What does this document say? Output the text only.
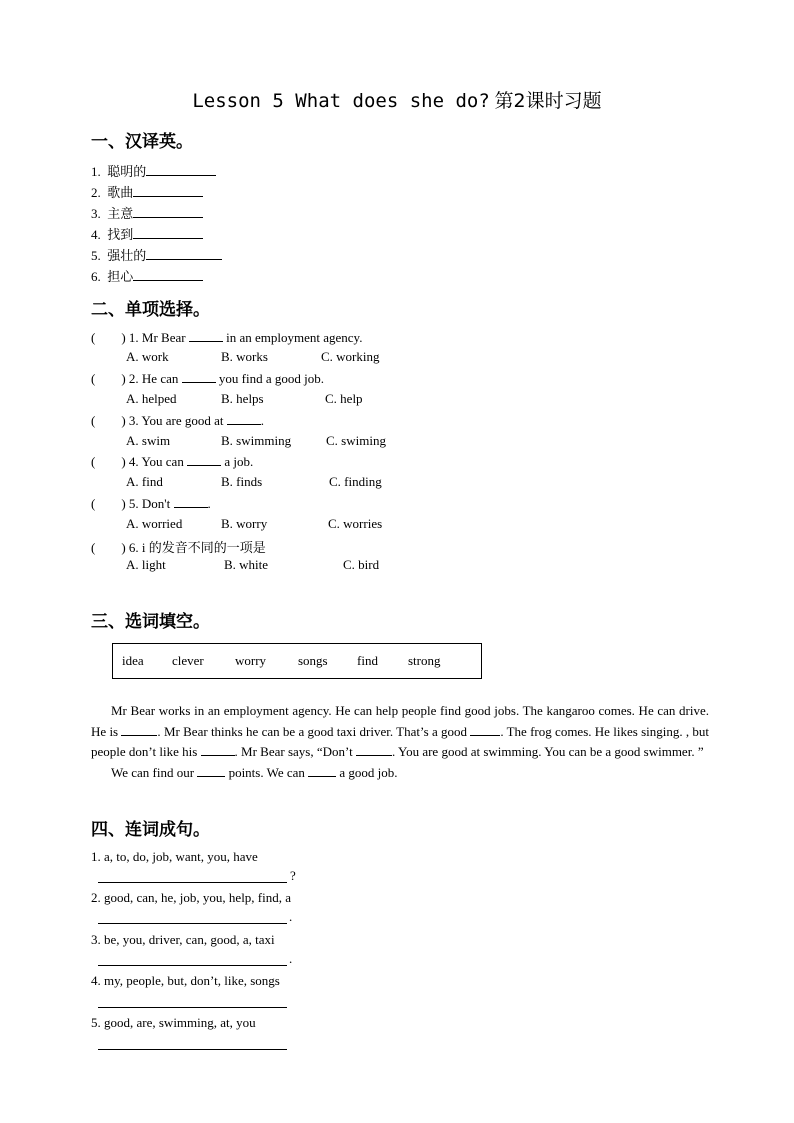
Lesson 5 What does she do? 第2课时习题
一、汉译英。
1. 聪明的
2. 歌曲
3. 主意
4. 找到
5. 强壮的
6. 担心
二、单项选择。
(        ) 1. Mr Bear	in an employment agency.
A. work	B. works	C. working
(        ) 2. He can	you find a good job.
A. helped	B. helps	C. help
(        ) 3. You are good at	.
A. swim	B. swimming	C. swiming
(        ) 4. You can	a job.
A. find	B. finds	C. finding
(        ) 5. Don't	.
A. worried	B. worry	C. worries
(        ) 6. i 的发音不同的一项是
A. light	B. white	C. bird
三、选词填空。
idea clever worry songs find strong

Mr Bear works in an employment agency. He can help people find good jobs. The kangaroo comes. He can drive. He is	. Mr Bear thinks he can be a good taxi driver. That’s a good	. The frog comes. He likes singing. , but people don’t like his	. Mr Bear says, “Don’t	. You are good at swimming. You can be a good swimmer. ”

We can find our	points. We can	a good job.

四、连词成句。
1. a, to, do, job, want, you, have
?
2. good, can, he, job, you, help, find, a
.
3. be, you, driver, can, good, a, taxi
.
4. my, people, but, don’t, like, songs
5. good, are, swimming, at, you
